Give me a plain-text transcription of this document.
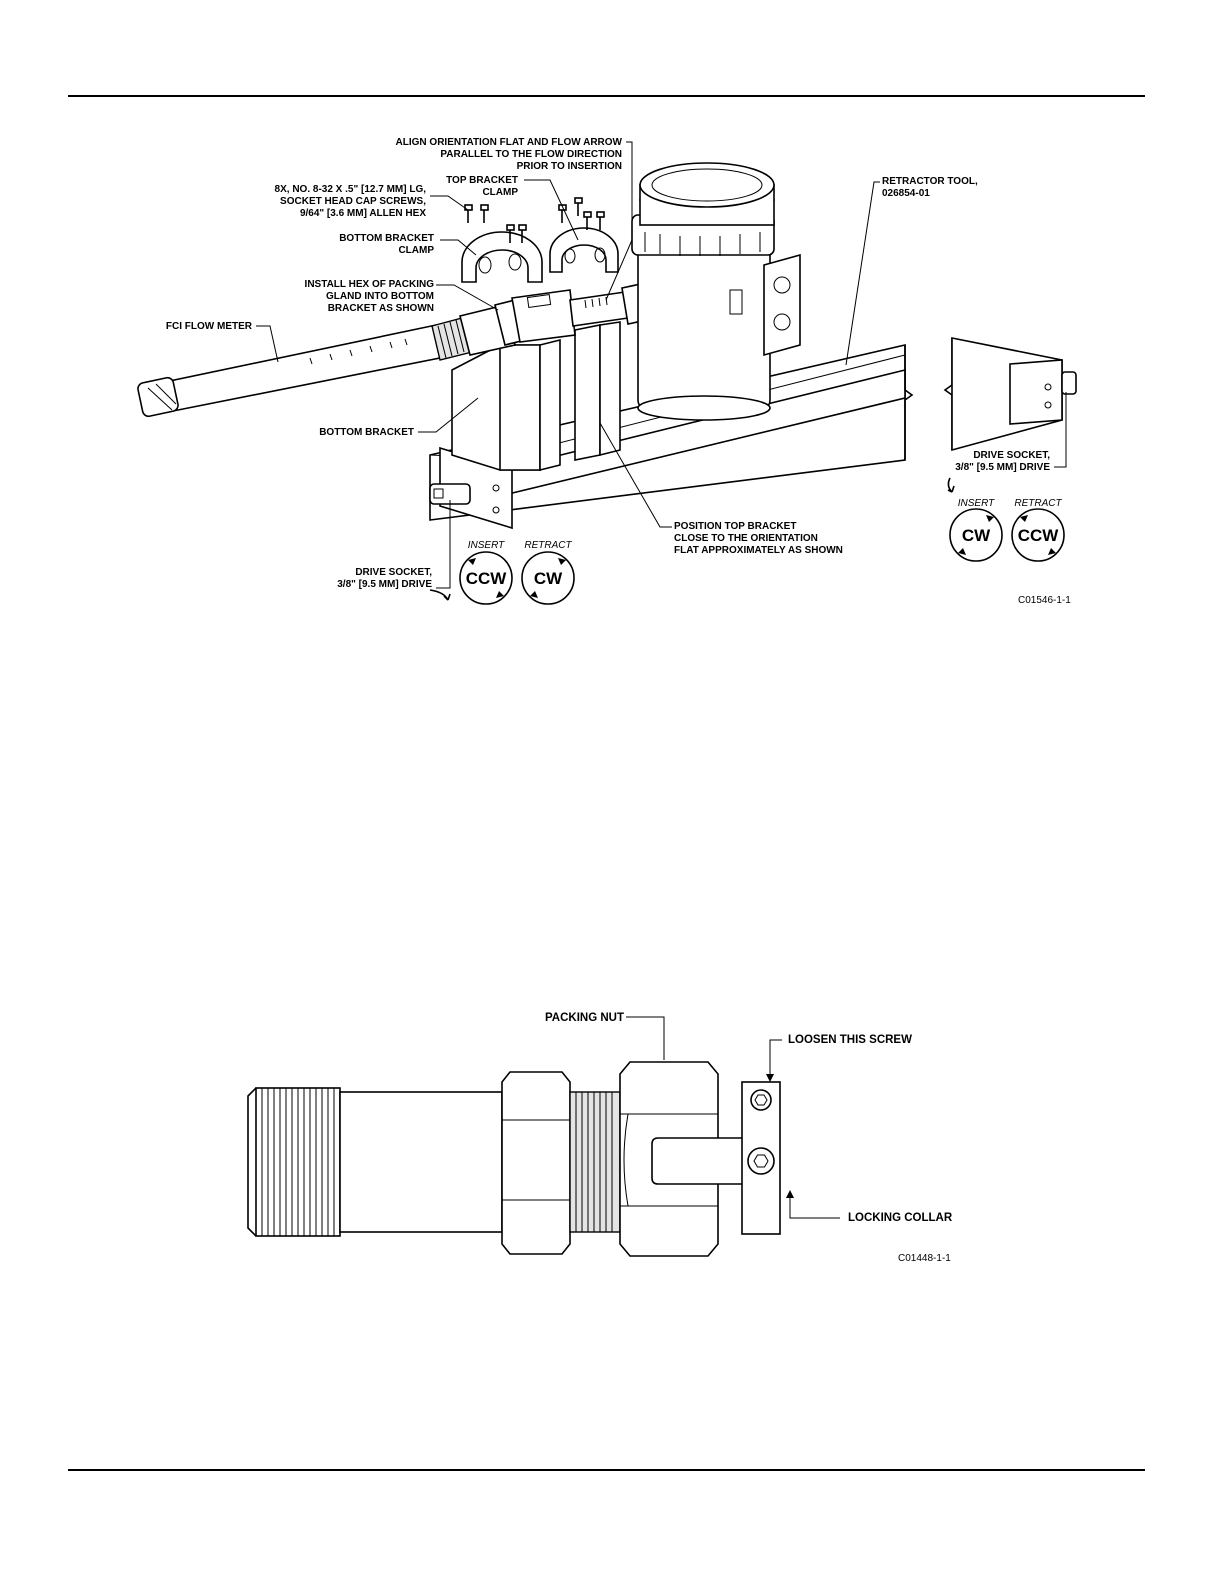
ALIGN ORIENTATION FLAT AND FLOW ARROW
PARALLEL TO THE FLOW DIRECTION
PRIOR TO INSERTION
TOP BRACKET
CLAMP
8X, NO. 8-32 X .5" [12.7 MM] LG,
SOCKET HEAD CAP SCREWS,
9/64" [3.6 MM] ALLEN HEX
BOTTOM BRACKET
CLAMP
INSTALL HEX OF PACKING
GLAND INTO BOTTOM
BRACKET AS SHOWN
FCI FLOW METER
BOTTOM BRACKET
RETRACTOR TOOL,
026854-01
POSITION TOP BRACKET
CLOSE TO THE ORIENTATION
FLAT APPROXIMATELY AS SHOWN
DRIVE SOCKET,
3/8" [9.5 MM] DRIVE
DRIVE SOCKET,
3/8" [9.5 MM] DRIVE
INSERT RETRACT
CCW CW
INSERT RETRACT
CW CCW
C01546-1-1
PACKING NUT
LOOSEN THIS SCREW
LOCKING COLLAR
C01448-1-1
